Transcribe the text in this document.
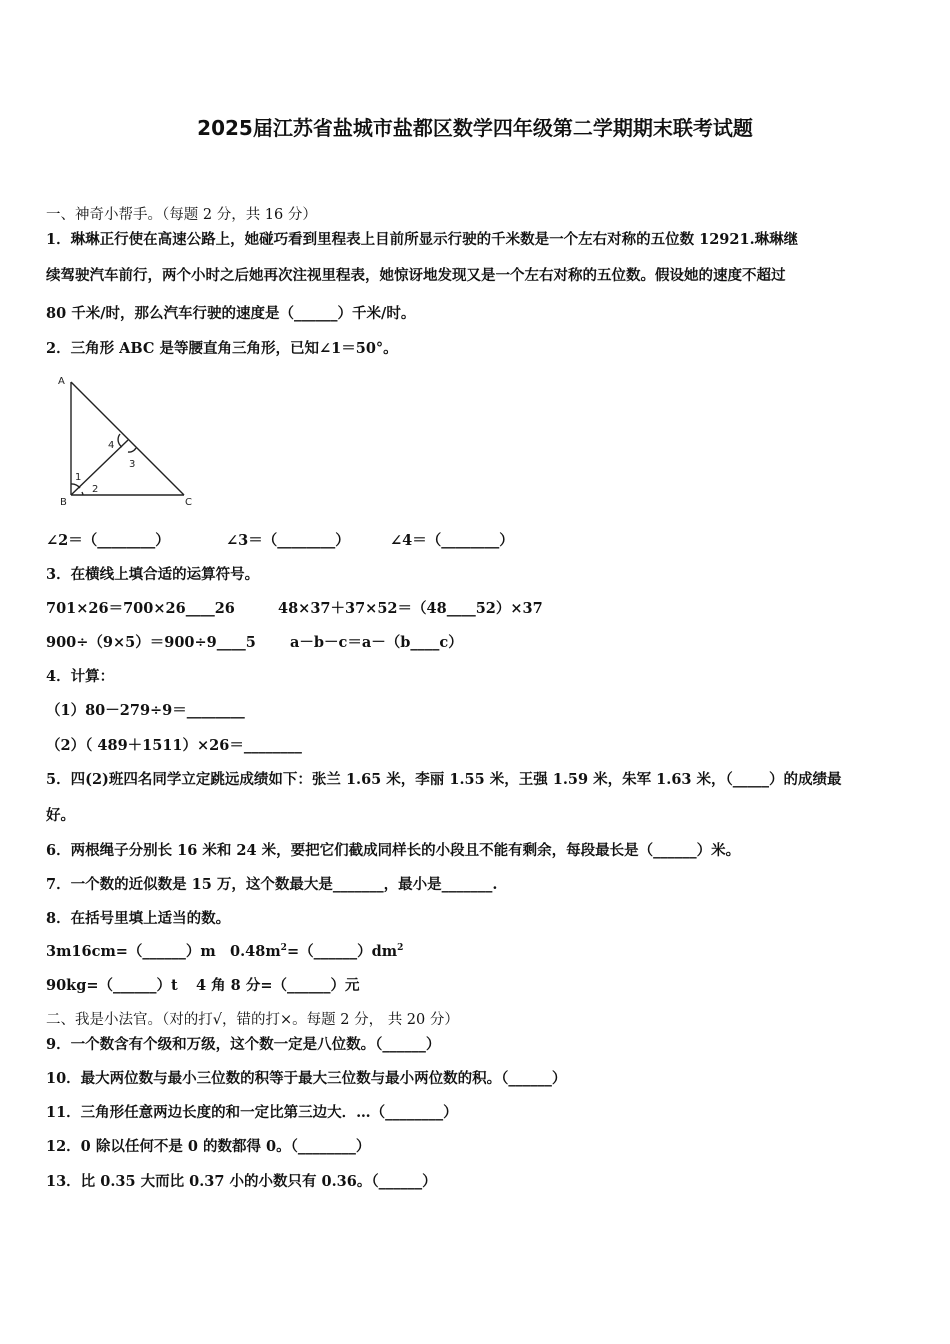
2025届江苏省盐城市盐都区数学四年级第二学期期末联考试题
一、神奇小帮手。（每题 2 分，共 16 分）
1．琳琳正行使在高速公路上，她碰巧看到里程表上目前所显示行驶的千米数是一个左右对称的五位数 12921.琳琳继
续驾驶汽车前行，两个小时之后她再次注视里程表，她惊讶地发现又是一个左右对称的五位数。假设她的速度不超过
80 千米/时，那么汽车行驶的速度是（______）千米/时。
2．三角形 ABC 是等腰直角三角形，已知∠1＝50°。
A
B	C
1
2
3
4
∠2＝（________）	∠3＝（________）	∠4＝（________）
3．在横线上填合适的运算符号。
701×26＝700×26____26	48×37＋37×52＝（48____52）×37
900÷（9×5）＝900÷9____5 a－b－c＝a－（b____c）
4．计算：
（1）80－279÷9＝________
（2）（ 489＋1511）×26＝________
5．四(2)班四名同学立定跳远成绩如下：张兰 1.65 米，李丽 1.55 米，王强 1.59 米，朱军 1.63 米，（_____）的成绩最
好。
6．两根绳子分别长 16 米和 24 米，要把它们截成同样长的小段且不能有剩余，每段最长是（______）米。
7．一个数的近似数是 15 万，这个数最大是_______，最小是_______.
8．在括号里填上适当的数。
3m16cm=（______）m $0.48m^2=(\_\_\_\_\_\_)dm^2$
90kg=（______）t 4 角 8 分=（______）元
二、我是小法官。（对的打√，错的打×。每题 2 分， 共 20 分）
9．一个数含有个级和万级，这个数一定是八位数。（______）
10．最大两位数与最小三位数的积等于最大三位数与最小两位数的积。（______）
11．三角形任意两边长度的和一定比第三边大．…（________）
12．0 除以任何不是 0 的数都得 0。（________）
13．比 0.35 大而比 0.37 小的小数只有 0.36。（______）
